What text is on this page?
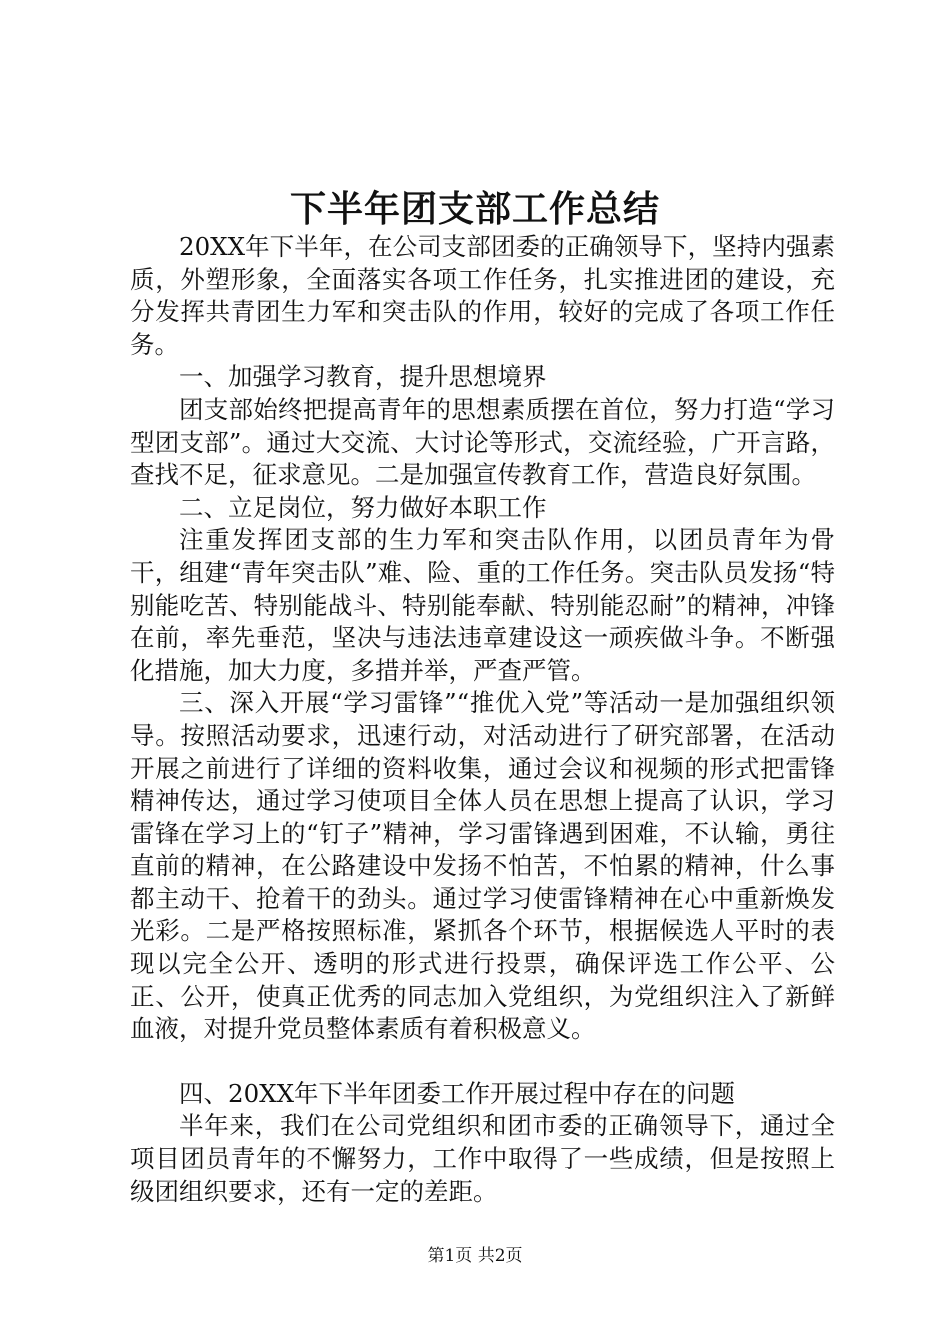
下半年团支部工作总结

20XX年下半年，在公司支部团委的正确领导下，坚持内强素质，外塑形象，全面落实各项工作任务，扎实推进团的建设，充分发挥共青团生力军和突击队的作用，较好的完成了各项工作任务。

一、加强学习教育，提升思想境界

团支部始终把提高青年的思想素质摆在首位，努力打造“学习型团支部”。通过大交流、大讨论等形式，交流经验，广开言路，查找不足，征求意见。二是加强宣传教育工作，营造良好氛围。

二、立足岗位，努力做好本职工作

注重发挥团支部的生力军和突击队作用，以团员青年为骨干，组建“青年突击队”难、险、重的工作任务。突击队员发扬“特别能吃苦、特别能战斗、特别能奉献、特别能忍耐”的精神，冲锋在前，率先垂范，坚决与违法违章建设这一顽疾做斗争。不断强化措施，加大力度，多措并举，严查严管。

三、深入开展“学习雷锋”“推优入党”等活动一是加强组织领导。按照活动要求，迅速行动，对活动进行了研究部署，在活动开展之前进行了详细的资料收集，通过会议和视频的形式把雷锋精神传达，通过学习使项目全体人员在思想上提高了认识，学习雷锋在学习上的“钉子”精神，学习雷锋遇到困难，不认输，勇往直前的精神，在公路建设中发扬不怕苦，不怕累的精神，什么事都主动干、抢着干的劲头。通过学习使雷锋精神在心中重新焕发光彩。二是严格按照标准，紧抓各个环节，根据候选人平时的表现以完全公开、透明的形式进行投票，确保评选工作公平、公正、公开，使真正优秀的同志加入党组织，为党组织注入了新鲜血液，对提升党员整体素质有着积极意义。

四、20XX年下半年团委工作开展过程中存在的问题

半年来，我们在公司党组织和团市委的正确领导下，通过全项目团员青年的不懈努力，工作中取得了一些成绩，但是按照上级团组织要求，还有一定的差距。

第1页 共2页
